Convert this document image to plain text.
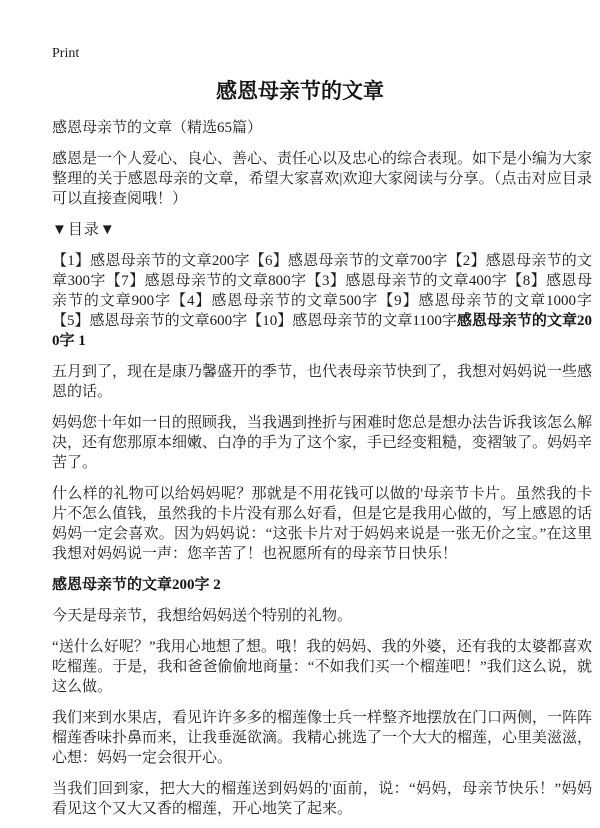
Print
感恩母亲节的文章

感恩母亲节的文章（精选65篇）

感恩是一个人爱心、良心、善心、责任心以及忠心的综合表现。如下是小编为大家整理的关于感恩母亲的文章，希望大家喜欢|欢迎大家阅读与分享。（点击对应目录可以直接查阅哦！）

▼目录▼

【1】感恩母亲节的文章200字【6】感恩母亲节的文章700字【2】感恩母亲节的文章300字【7】感恩母亲节的文章800字【3】感恩母亲节的文章400字【8】感恩母亲节的文章900字【4】感恩母亲节的文章500字【9】感恩母亲节的文章1000字【5】感恩母亲节的文章600字【10】感恩母亲节的文章1100字感恩母亲节的文章200字 1

五月到了，现在是康乃馨盛开的季节，也代表母亲节快到了，我想对妈妈说一些感恩的话。

妈妈您十年如一日的照顾我，当我遇到挫折与困难时您总是想办法告诉我该怎么解决，还有您那原本细嫩、白净的手为了这个家，手已经变粗糙，变褶皱了。妈妈辛苦了。

什么样的礼物可以给妈妈呢？那就是不用花钱可以做的'母亲节卡片。虽然我的卡片不怎么值钱，虽然我的卡片没有那么好看，但是它是我用心做的，写上感恩的话妈妈一定会喜欢。因为妈妈说：“这张卡片对于妈妈来说是一张无价之宝。”在这里我想对妈妈说一声：您辛苦了！也祝愿所有的母亲节日快乐！

感恩母亲节的文章200字 2

今天是母亲节，我想给妈妈送个特别的礼物。

“送什么好呢？”我用心地想了想。哦！我的妈妈、我的外婆，还有我的太婆都喜欢吃榴莲。于是，我和爸爸偷偷地商量：“不如我们买一个榴莲吧！”我们这么说，就这么做。

我们来到水果店，看见许许多多的榴莲像士兵一样整齐地摆放在门口两侧，一阵阵榴莲香味扑鼻而来，让我垂涎欲滴。我精心挑选了一个大大的榴莲，心里美滋滋，心想：妈妈一定会很开心。

当我们回到家，把大大的榴莲送到妈妈的'面前，说：“妈妈，母亲节快乐！”妈妈看见这个又大又香的榴莲，开心地笑了起来。
